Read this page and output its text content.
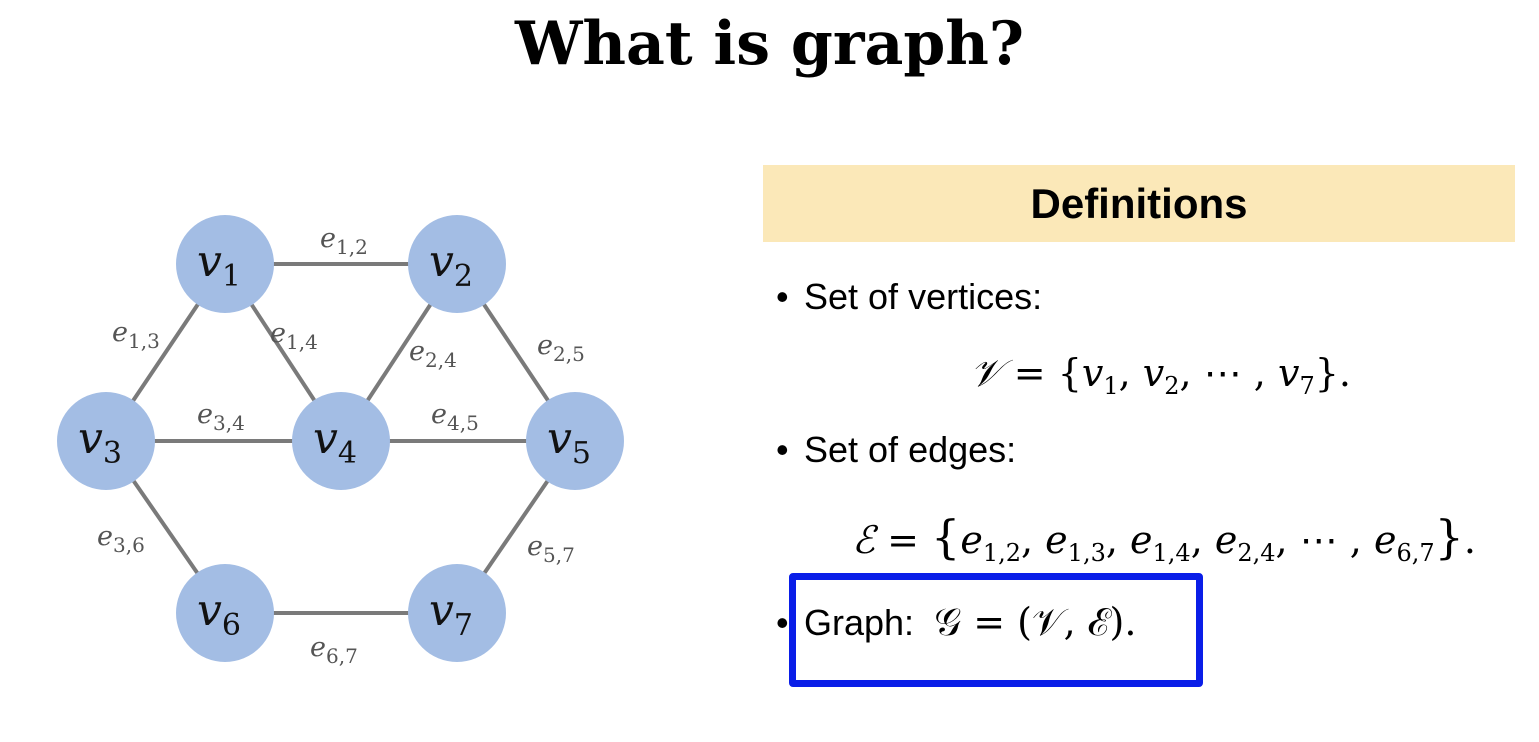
What is graph?
v1	v2
v3	v4	v5
v6	v7
e1,2
e1,3	e1,4	e2,4	e2,5
e3,4	e4,5
e3,6	e5,7
e6,7
Definitions
• Set of vertices:
𝒱 = {$v_1$, $v_2$, ⋯ , $v_7$}.
• Set of edges:
ℰ = {$e_{1,2}$, $e_{1,3}$, $e_{1,4}$, $e_{2,4}$, ⋯ , $e_{6,7}$}.
• Graph: 𝒢 = (𝒱, ℰ).
